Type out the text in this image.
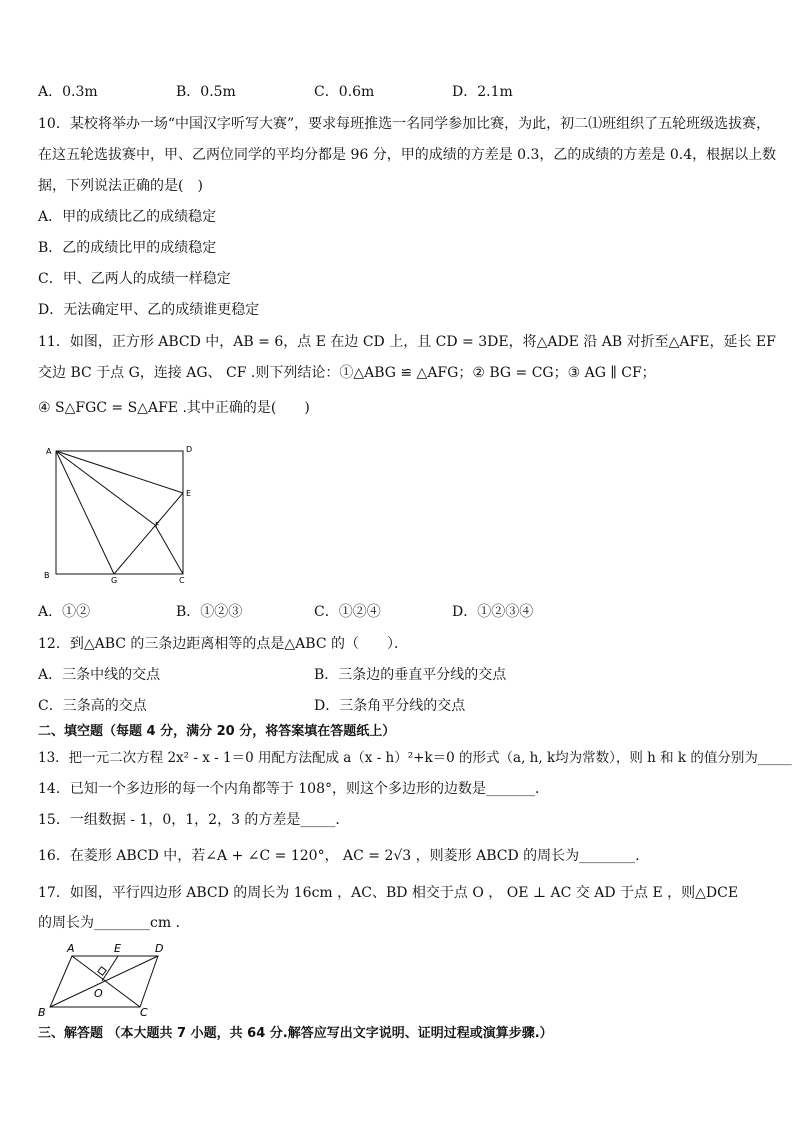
A．0.3m	B．0.5m	C．0.6m	D．2.1m
10．某校将举办一场“中国汉字听写大赛”，要求每班推选一名同学参加比赛，为此，初二⑴班组织了五轮班级选拔赛，
在这五轮选拔赛中，甲、乙两位同学的平均分都是 96 分，甲的成绩的方差是 0.3，乙的成绩的方差是 0.4，根据以上数
据，下列说法正确的是(　)
A．甲的成绩比乙的成绩稳定
B．乙的成绩比甲的成绩稳定
C．甲、乙两人的成绩一样稳定
D．无法确定甲、乙的成绩谁更稳定
11．如图，正方形 ABCD 中，AB = 6，点 E 在边 CD 上，且 CD = 3DE，将△ADE 沿 AB 对折至△AFE，延长 EF
交边 BC 于点 G，连接 AG、 CF .则下列结论：①△ABG ≌ △AFG；② BG = CG；③ AG ∥ CF；
④ S△FGC = S△AFE .其中正确的是(　　)
A	D
E
F
B
G	C
A．①②	B．①②③	C．①②④	D．①②③④
12．到△ABC 的三条边距离相等的点是△ABC 的（　　）．
A．三条中线的交点	B．三条边的垂直平分线的交点
C．三条高的交点	D．三条角平分线的交点
二、填空题（每题 4 分，满分 20 分，将答案填在答题纸上）
13．把一元二次方程 2x² - x - 1＝0 用配方法配成 a（x - h）²+k＝0 的形式（a, h, k均为常数），则 h 和 k 的值分别为_____
14．已知一个多边形的每一个内角都等于 108°，则这个多边形的边数是_______．
15．一组数据 - 1，0，1，2，3 的方差是_____．
16．在菱形 ABCD 中，若∠A + ∠C = 120°， AC = 2√3 ，则菱形 ABCD 的周长为________.
17．如图，平行四边形 ABCD 的周长为 16cm ，AC、BD 相交于点 O ， OE ⊥ AC 交 AD 于点 E ，则△DCE
的周长为________cm ．
A	E	D
O
B	C
三、解答题 （本大题共 7 小题，共 64 分.解答应写出文字说明、证明过程或演算步骤.）
